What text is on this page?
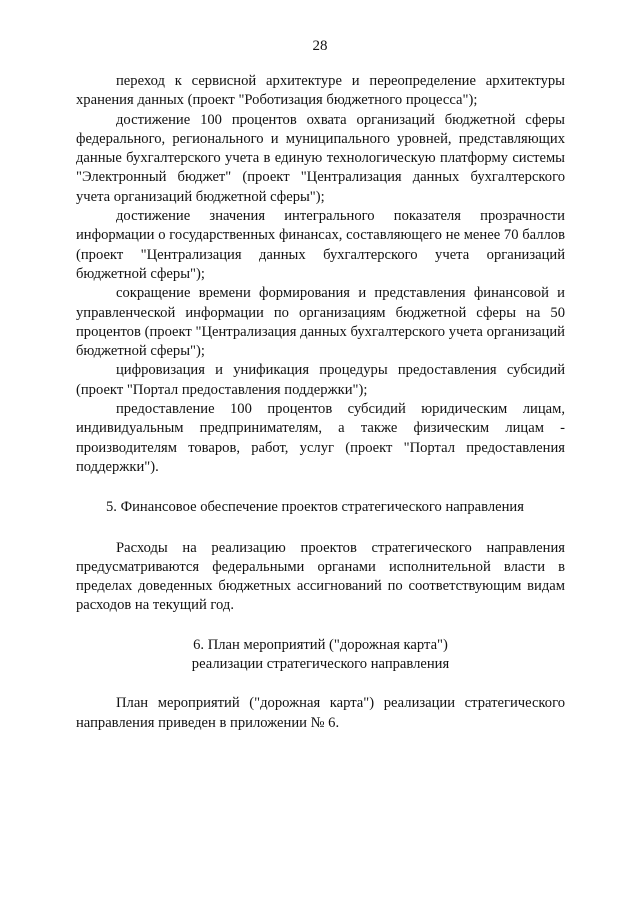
28

переход к сервисной архитектуре и переопределение архитектуры хранения данных (проект "Роботизация бюджетного процесса");

достижение 100 процентов охвата организаций бюджетной сферы федерального, регионального и муниципального уровней, представляющих данные бухгалтерского учета в единую технологическую платформу системы "Электронный бюджет" (проект "Централизация данных бухгалтерского учета организаций бюджетной сферы");

достижение значения интегрального показателя прозрачности информации о государственных финансах, составляющего не менее 70 баллов (проект "Централизация данных бухгалтерского учета организаций бюджетной сферы");

сокращение времени формирования и представления финансовой и управленческой информации по организациям бюджетной сферы на 50 процентов (проект "Централизация данных бухгалтерского учета организаций бюджетной сферы");

цифровизация и унификация процедуры предоставления субсидий (проект "Портал предоставления поддержки");

предоставление 100 процентов субсидий юридическим лицам, индивидуальным предпринимателям, а также физическим лицам - производителям товаров, работ, услуг (проект "Портал предоставления поддержки").

5. Финансовое обеспечение проектов стратегического направления

Расходы на реализацию проектов стратегического направления предусматриваются федеральными органами исполнительной власти в пределах доведенных бюджетных ассигнований по соответствующим видам расходов на текущий год.

6. План мероприятий ("дорожная карта")

реализации стратегического направления

План мероприятий ("дорожная карта") реализации стратегического направления приведен в приложении № 6.
